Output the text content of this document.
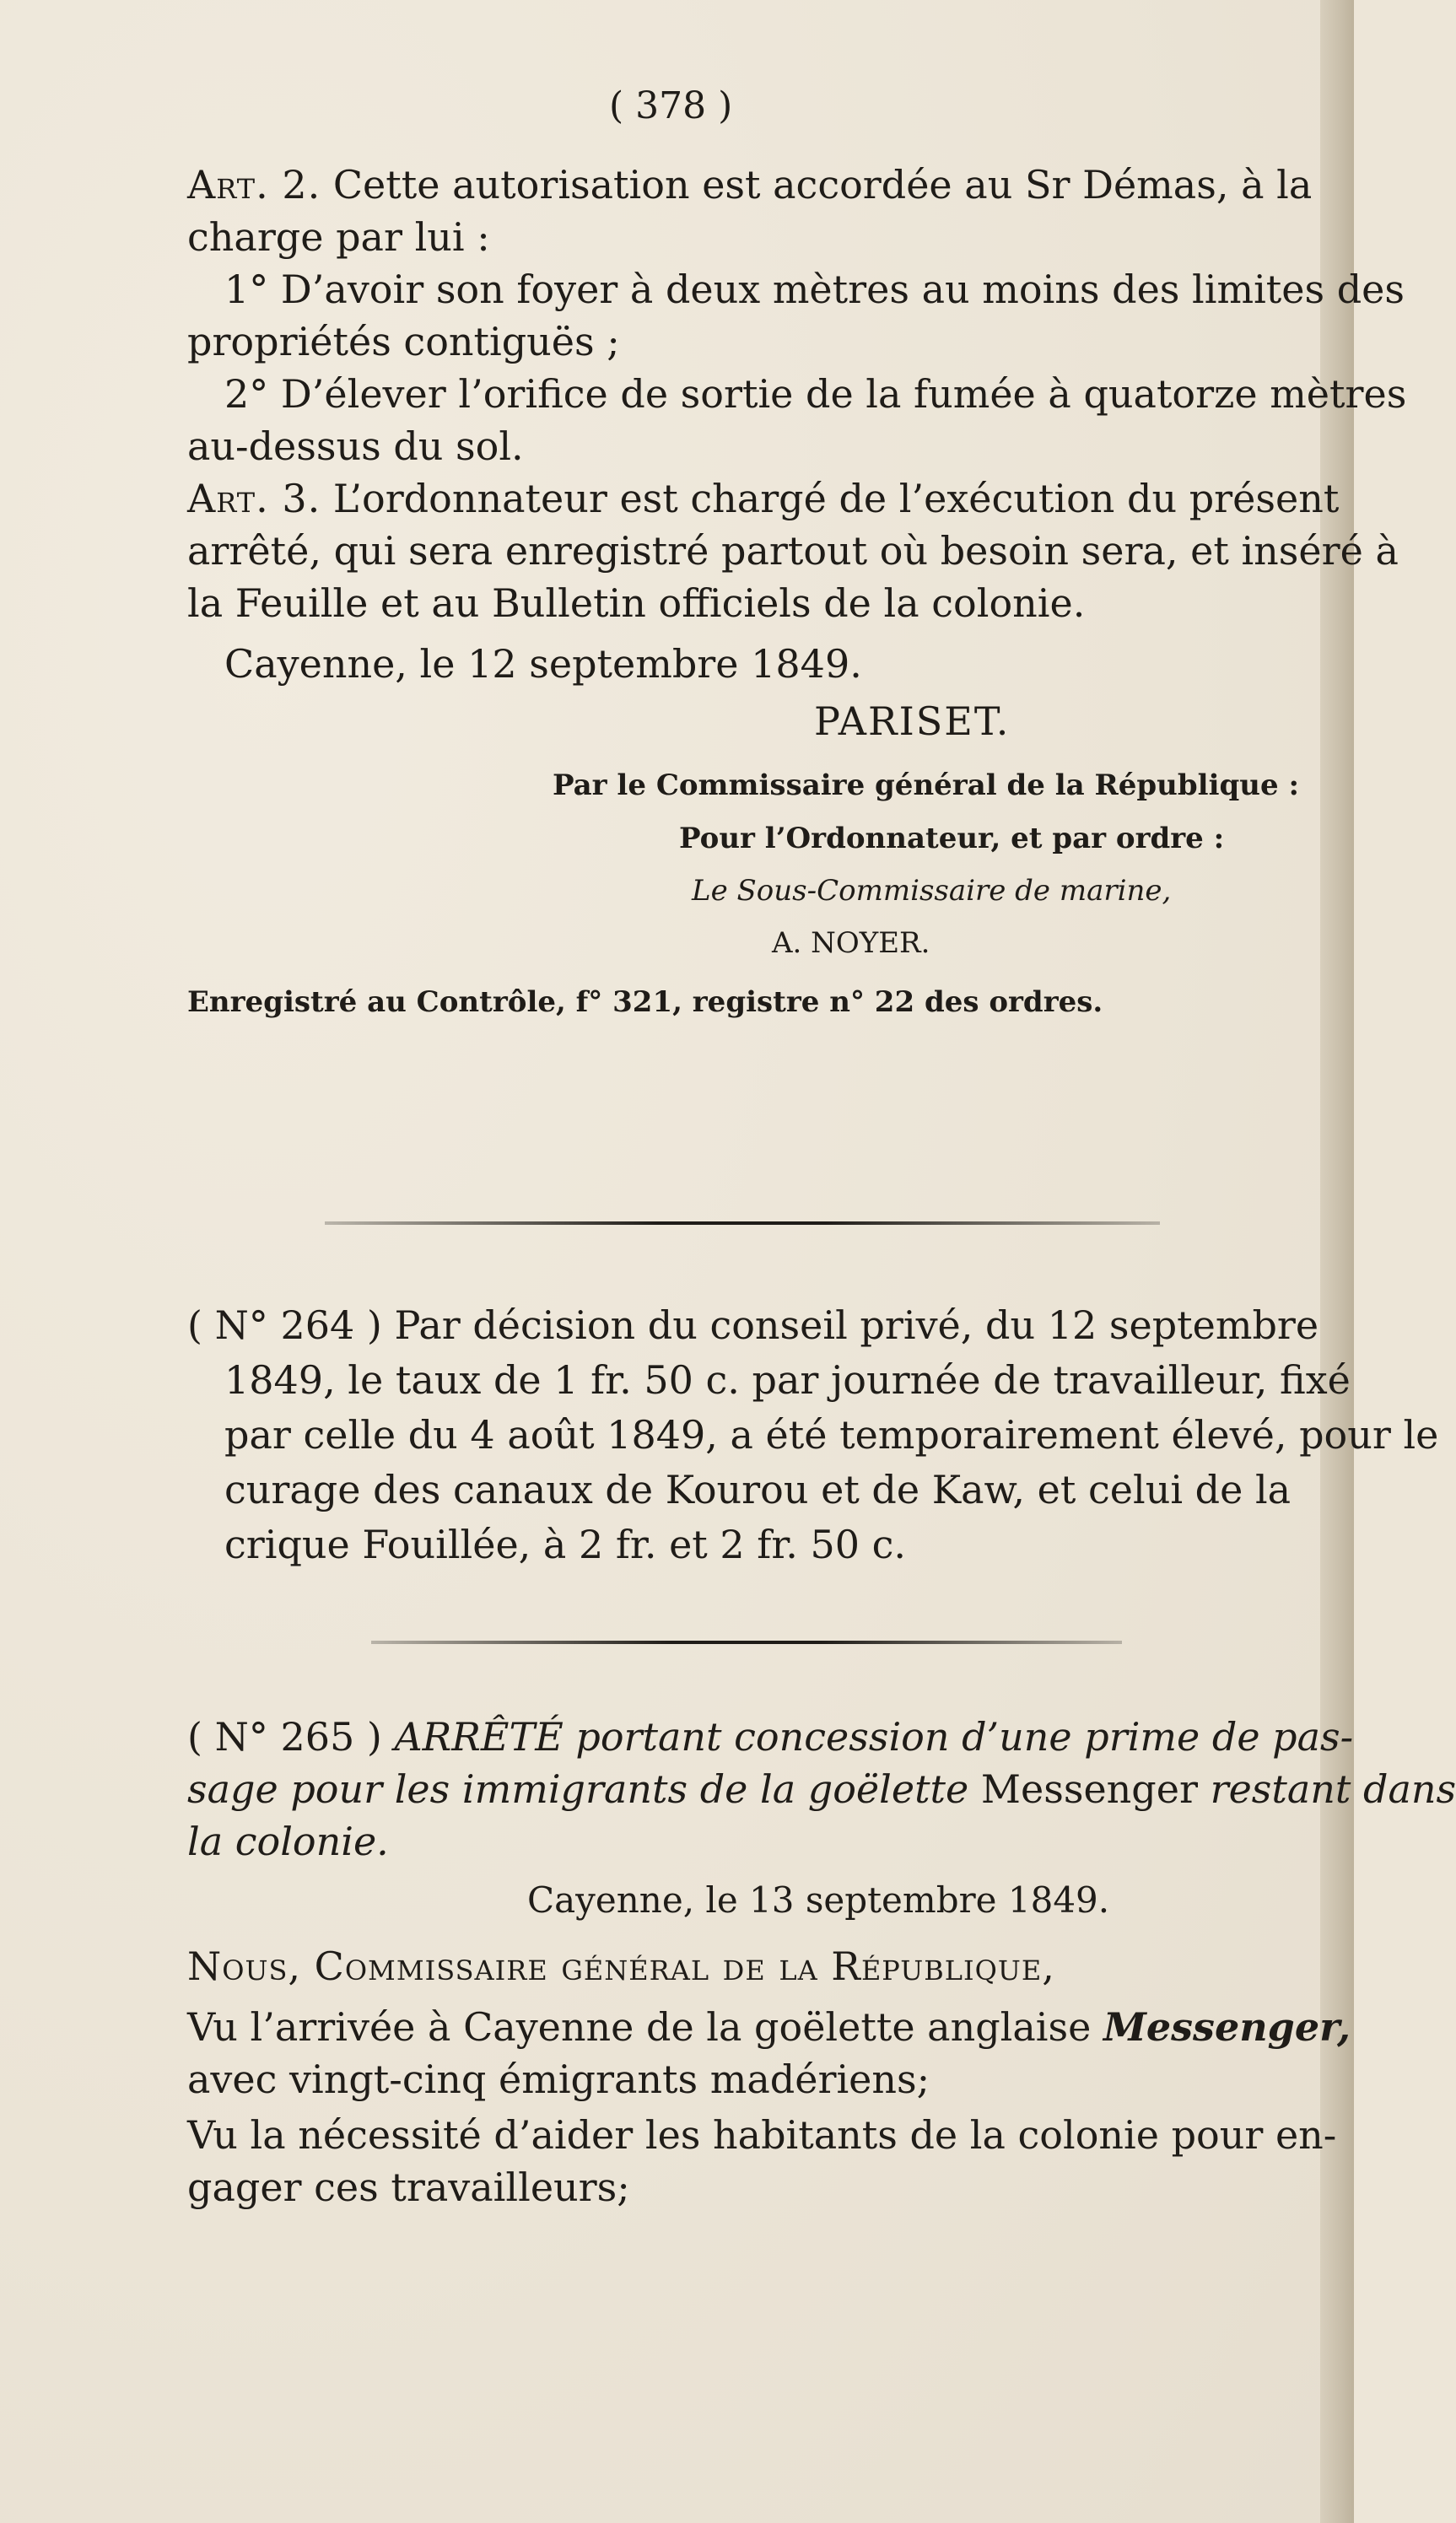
( 378 )
Art. 2. Cette autorisation est accordée au Sr Démas, à la
charge par lui :
1° D’avoir son foyer à deux mètres au moins des limites des
propriétés contiguës ;
2° D’élever l’orifice de sortie de la fumée à quatorze mètres
au-dessus du sol.
Art. 3. L’ordonnateur est chargé de l’exécution du présent
arrêté, qui sera enregistré partout où besoin sera, et inséré à
la Feuille et au Bulletin officiels de la colonie.
Cayenne, le 12 septembre 1849.
PARISET.
Par le Commissaire général de la République :
Pour l’Ordonnateur, et par ordre :
Le Sous-Commissaire de marine,
A. NOYER.
Enregistré au Contrôle, f° 321, registre n° 22 des ordres.
( N° 264 ) Par décision du conseil privé, du 12 septembre
1849, le taux de 1 fr. 50 c. par journée de travailleur, fixé
par celle du 4 août 1849, a été temporairement élevé, pour le
curage des canaux de Kourou et de Kaw, et celui de la
crique Fouillée, à 2 fr. et 2 fr. 50 c.
( N° 265 ) ARRÊTÉ portant concession d’une prime de pas-
sage pour les immigrants de la goëlette Messenger restant dans
la colonie.
Cayenne, le 13 septembre 1849.
Nous, Commissaire général de la République,
Vu l’arrivée à Cayenne de la goëlette anglaise Messenger,
avec vingt-cinq émigrants madériens;
Vu la nécessité d’aider les habitants de la colonie pour en-
gager ces travailleurs;
